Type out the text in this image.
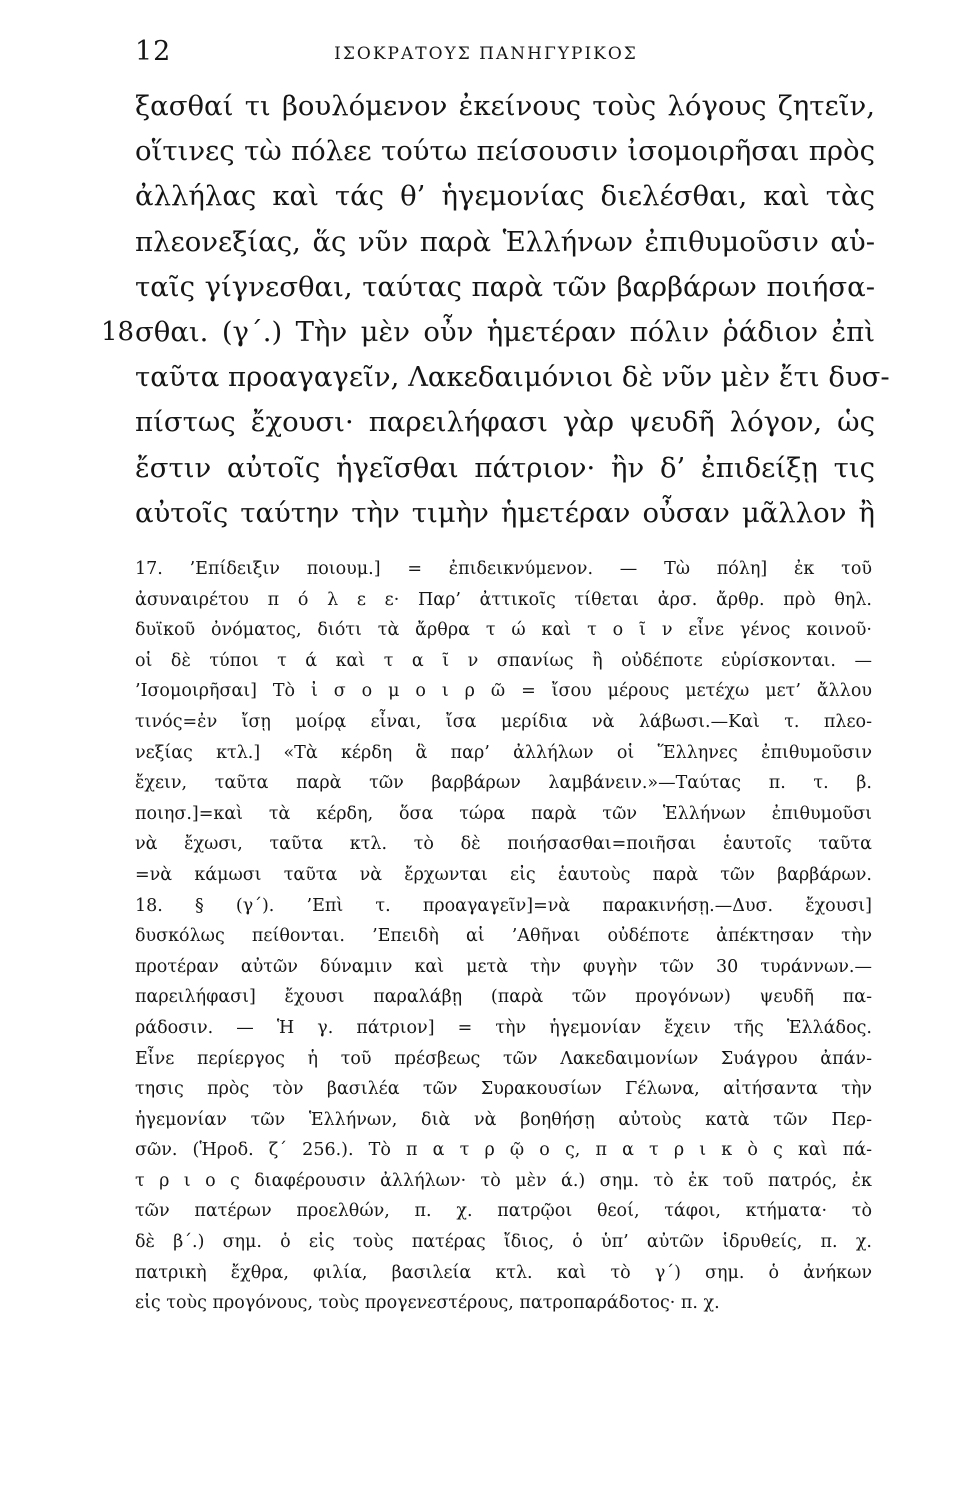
12	ΙΣΟΚΡΑΤΟΥΣ ΠΑΝΗΓΥΡΙΚΟΣ
ξασθαί τι βουλόμενον ἐκείνους τοὺς λόγους ζητεῖν,
οἵτινες τὼ πόλεε τούτω πείσουσιν ἰσομοιρῆσαι πρὸς
ἀλλήλας καὶ τάς θ’ ἡγεμονίας διελέσθαι, καὶ τὰς
πλεονεξίας, ἅς νῦν παρὰ Ἑλλήνων ἐπιθυμοῦσιν αὑ-
ταῖς γίγνεσθαι, ταύτας παρὰ τῶν βαρβάρων ποιήσα-
18 σθαι. (γ΄.) Τὴν μὲν οὖν ἡμετέραν πόλιν ῥάδιον ἐπὶ
ταῦτα προαγαγεῖν, Λακεδαιμόνιοι δὲ νῦν μὲν ἔτι δυσ-
πίστως ἔχουσι· παρειλήφασι γὰρ ψευδῆ λόγον, ὡς
ἔστιν αὐτοῖς ἡγεῖσθαι πάτριον· ἢν δ’ ἐπιδείξῃ τις
αὐτοῖς ταύτην τὴν τιμὴν ἡμετέραν οὖσαν μᾶλλον ἢ
17. ’Επίδειξιν ποιουμ.] = ἐπιδεικνύμενον. — Τὼ πόλη] ἐκ τοῦ
ἀσυναιρέτου π ό λ ε ε· Παρ’ ἀττικοῖς τίθεται ἀρσ. ἄρθρ. πρὸ θηλ.
δυϊκοῦ ὀνόματος, διότι τὰ ἄρθρα τ ώ καὶ τ ο ῖ ν εἶνε γένος κοινοῦ·
οἱ δὲ τύποι τ ά καὶ τ α ῖ ν σπανίως ἢ οὐδέποτε εὑρίσκονται. —
’Ισομοιρῆσαι] Τὸ ἰ σ ο μ ο ι ρ ῶ = ἴσου μέρους μετέχω μετ’ ἄλλου
τινός=ἐν ἴσῃ μοίρᾳ εἶναι, ἴσα μερίδια νὰ λάβωσι.—Καὶ τ. πλεο-
νεξίας κτλ.] «Τὰ κέρδη ἃ παρ’ ἀλλήλων οἱ Ἕλληνες ἐπιθυμοῦσιν
ἔχειν, ταῦτα παρὰ τῶν βαρβάρων λαμβάνειν.»—Ταύτας π. τ. β.
ποιησ.]=καὶ τὰ κέρδη, ὅσα τώρα παρὰ τῶν Ἑλλήνων ἐπιθυμοῦσι
νὰ ἔχωσι, ταῦτα κτλ. τὸ δὲ ποιήσασθαι=ποιῆσαι ἑαυτοῖς ταῦτα
=νὰ κάμωσι ταῦτα νὰ ἔρχωνται εἰς ἑαυτοὺς παρὰ τῶν βαρβάρων.
18. § (γ΄). ’Επὶ τ. προαγαγεῖν]=νὰ παρακινήσῃ.—Δυσ. ἔχουσι]
δυσκόλως πείθονται. ’Επειδὴ αἱ ’Αθῆναι οὐδέποτε ἀπέκτησαν τὴν
προτέραν αὐτῶν δύναμιν καὶ μετὰ τὴν φυγὴν τῶν 30 τυράννων.—
παρειλήφασι] ἔχουσι παραλάβῃ (παρὰ τῶν προγόνων) ψευδῆ πα-
ράδοσιν. — Ἡ γ. πάτριον] = τὴν ἡγεμονίαν ἔχειν τῆς Ἑλλάδος.
Εἶνε περίεργος ἡ τοῦ πρέσβεως τῶν Λακεδαιμονίων Συάγρου ἀπάν-
τησις πρὸς τὸν βασιλέα τῶν Συρακουσίων Γέλωνα, αἰτήσαντα τὴν
ἡγεμονίαν τῶν Ἑλλήνων, διὰ νὰ βοηθήσῃ αὐτοὺς κατὰ τῶν Περ-
σῶν. (Ἡροδ. ζ΄ 256.). Τὸ π α τ ρ ῷ ο ς, π α τ ρ ι κ ὸ ς καὶ πά-
τ ρ ι ο ς διαφέρουσιν ἀλλήλων· τὸ μὲν ά.) σημ. τὸ ἐκ τοῦ πατρός, ἐκ
τῶν πατέρων προελθών, π. χ. πατρῷοι θεοί, τάφοι, κτήματα· τὸ
δὲ β΄.) σημ. ὁ εἰς τοὺς πατέρας ἴδιος, ὁ ὑπ’ αὐτῶν ἱδρυθείς, π. χ.
πατρικὴ ἔχθρα, φιλία, βασιλεία κτλ. καὶ τὸ γ΄) σημ. ὁ ἀνήκων
εἰς τοὺς προγόνους, τοὺς προγενεστέρους, πατροπαράδοτος· π. χ.
